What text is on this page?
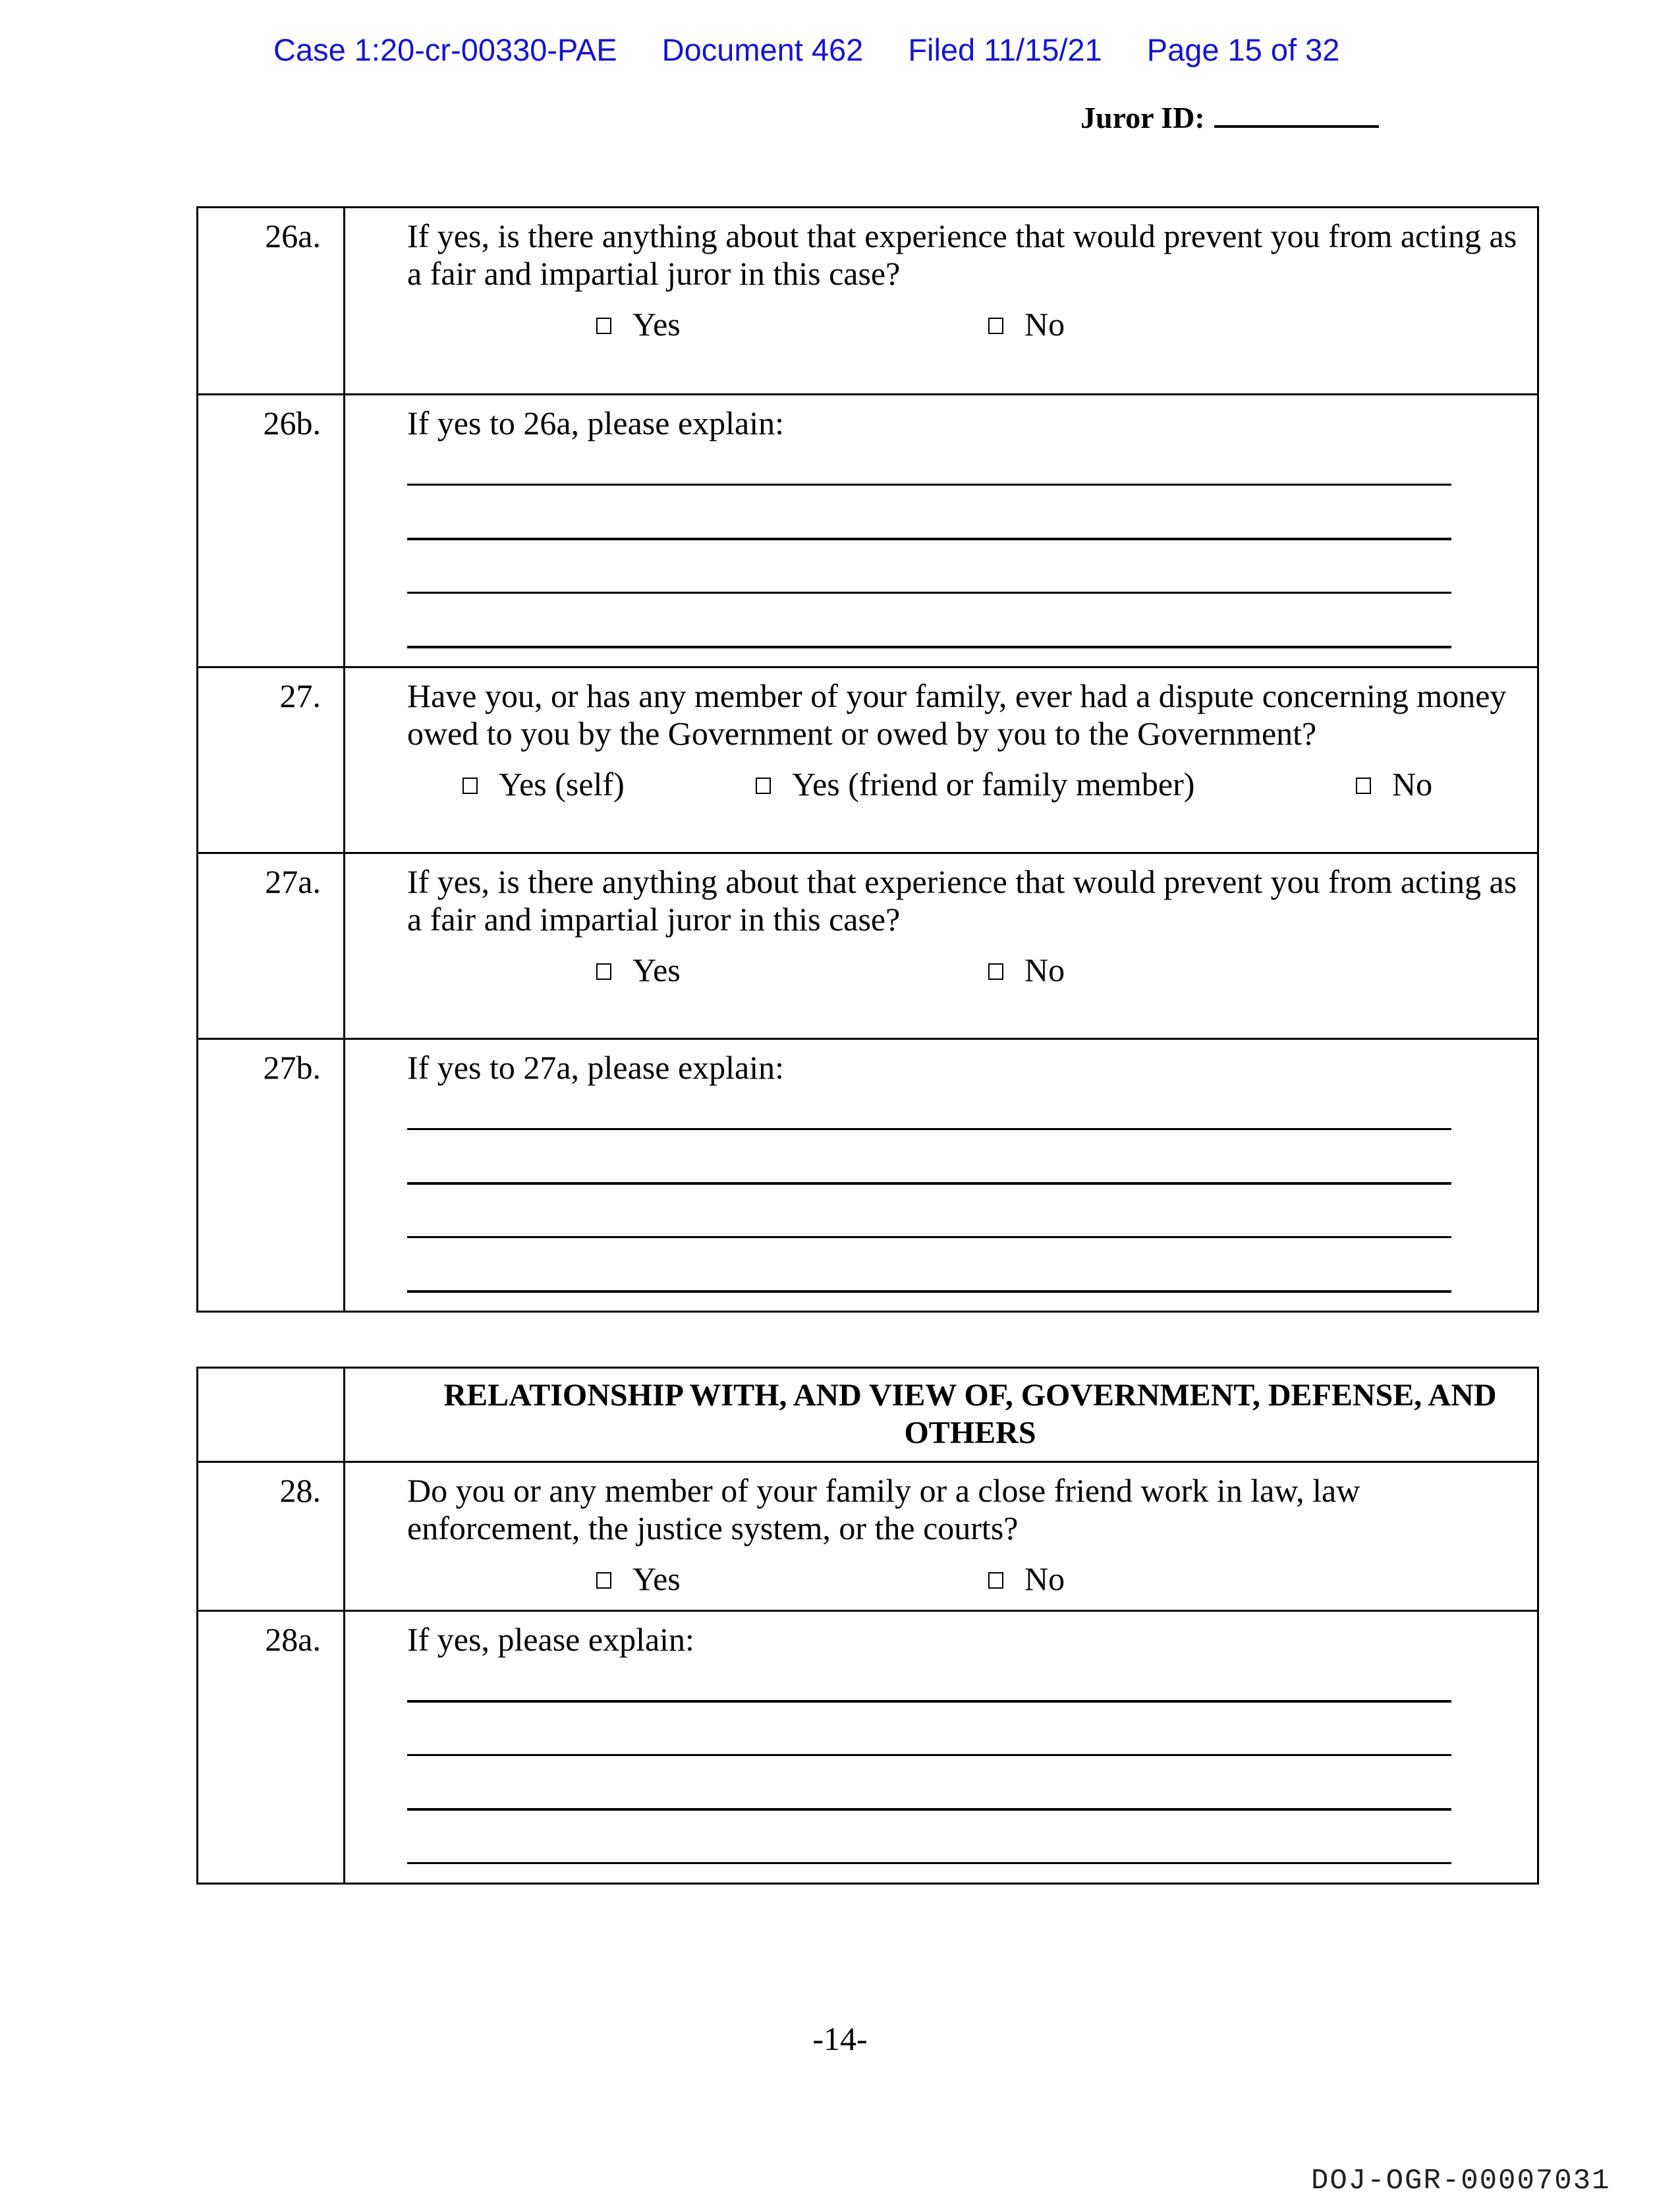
Case 1:20-cr-00330-PAE Document 462 Filed 11/15/21 Page 15 of 32
Juror ID:
26a.	If yes, is there anything about that experience that would prevent you from acting as a fair and impartial juror in this case?
Yes No

26b.	If yes to 26a, please explain:

27.	Have you, or has any member of your family, ever had a dispute concerning money owed to you by the Government or owed by you to the Government?
Yes (self) Yes (friend or family member) No

27a.	If yes, is there anything about that experience that would prevent you from acting as a fair and impartial juror in this case?
Yes No

27b.	If yes to 27a, please explain:

	RELATIONSHIP WITH, AND VIEW OF, GOVERNMENT, DEFENSE, AND OTHERS

28.	Do you or any member of your family or a close friend work in law, law enforcement, the justice system, or the courts?
Yes No

28a.	If yes, please explain:
-14-
DOJ-OGR-00007031
